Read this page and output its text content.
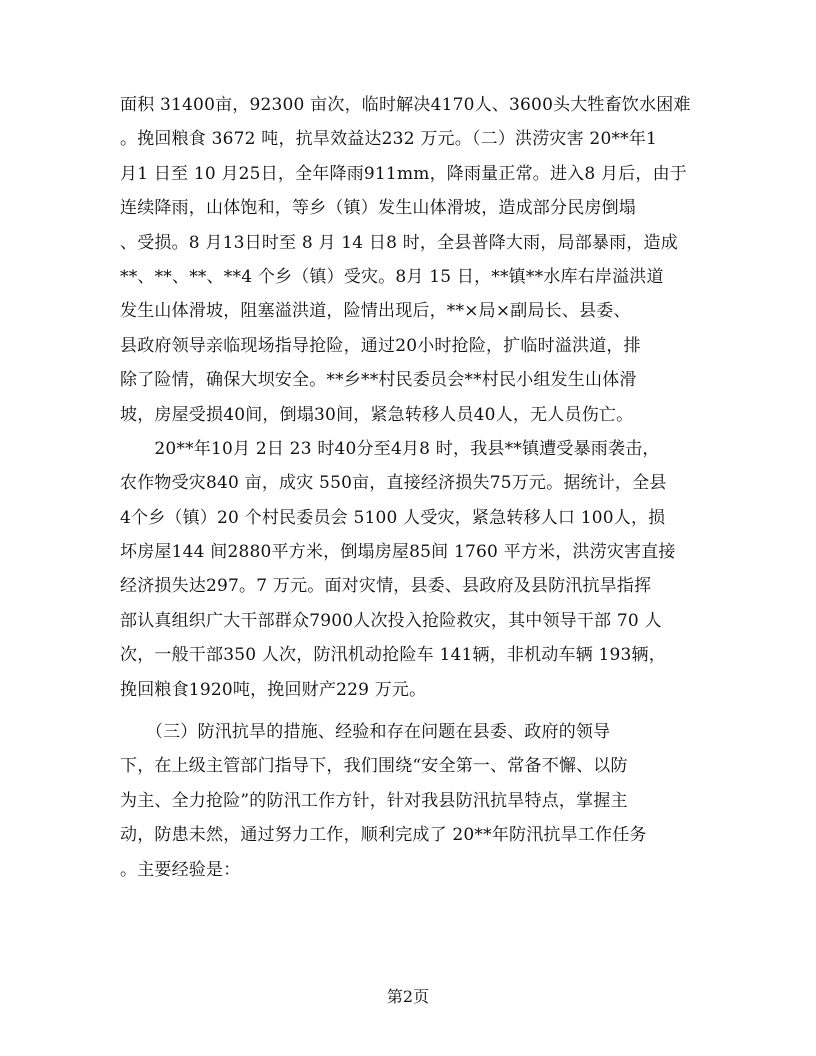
面积 31400亩，92300 亩次，临时解决4170人、3600头大牲畜饮水困难
。挽回粮食 3672 吨，抗旱效益达232 万元。（二）洪涝灾害 20**年1
月1 日至 10 月25日，全年降雨911mm，降雨量正常。进入8 月后，由于
连续降雨，山体饱和，等乡（镇）发生山体滑坡，造成部分民房倒塌
、受损。8 月13日时至 8 月 14 日8 时，全县普降大雨，局部暴雨，造成
**、**、**、**4 个乡（镇）受灾。8月 15 日，**镇**水库右岸溢洪道
发生山体滑坡，阻塞溢洪道，险情出现后，**×局×副局长、县委、
县政府领导亲临现场指导抢险，通过20小时抢险，扩临时溢洪道，排
除了险情，确保大坝安全。**乡**村民委员会**村民小组发生山体滑
坡，房屋受损40间，倒塌30间，紧急转移人员40人，无人员伤亡。
　　20**年10月 2日 23 时40分至4月8 时，我县**镇遭受暴雨袭击，
农作物受灾840 亩，成灾 550亩，直接经济损失75万元。据统计，全县
4个乡（镇）20 个村民委员会 5100 人受灾，紧急转移人口 100人，损
坏房屋144 间2880平方米，倒塌房屋85间 1760 平方米，洪涝灾害直接
经济损失达297。7 万元。面对灾情，县委、县政府及县防汛抗旱指挥
部认真组织广大干部群众7900人次投入抢险救灾，其中领导干部 70 人
次，一般干部350 人次，防汛机动抢险车 141辆，非机动车辆 193辆，
挽回粮食1920吨，挽回财产229 万元。
　　（三）防汛抗旱的措施、经验和存在问题在县委、政府的领导
下，在上级主管部门指导下，我们围绕“安全第一、常备不懈、以防
为主、全力抢险”的防汛工作方针，针对我县防汛抗旱特点，掌握主
动，防患未然，通过努力工作，顺利完成了 20**年防汛抗旱工作任务
。主要经验是：
第2页
